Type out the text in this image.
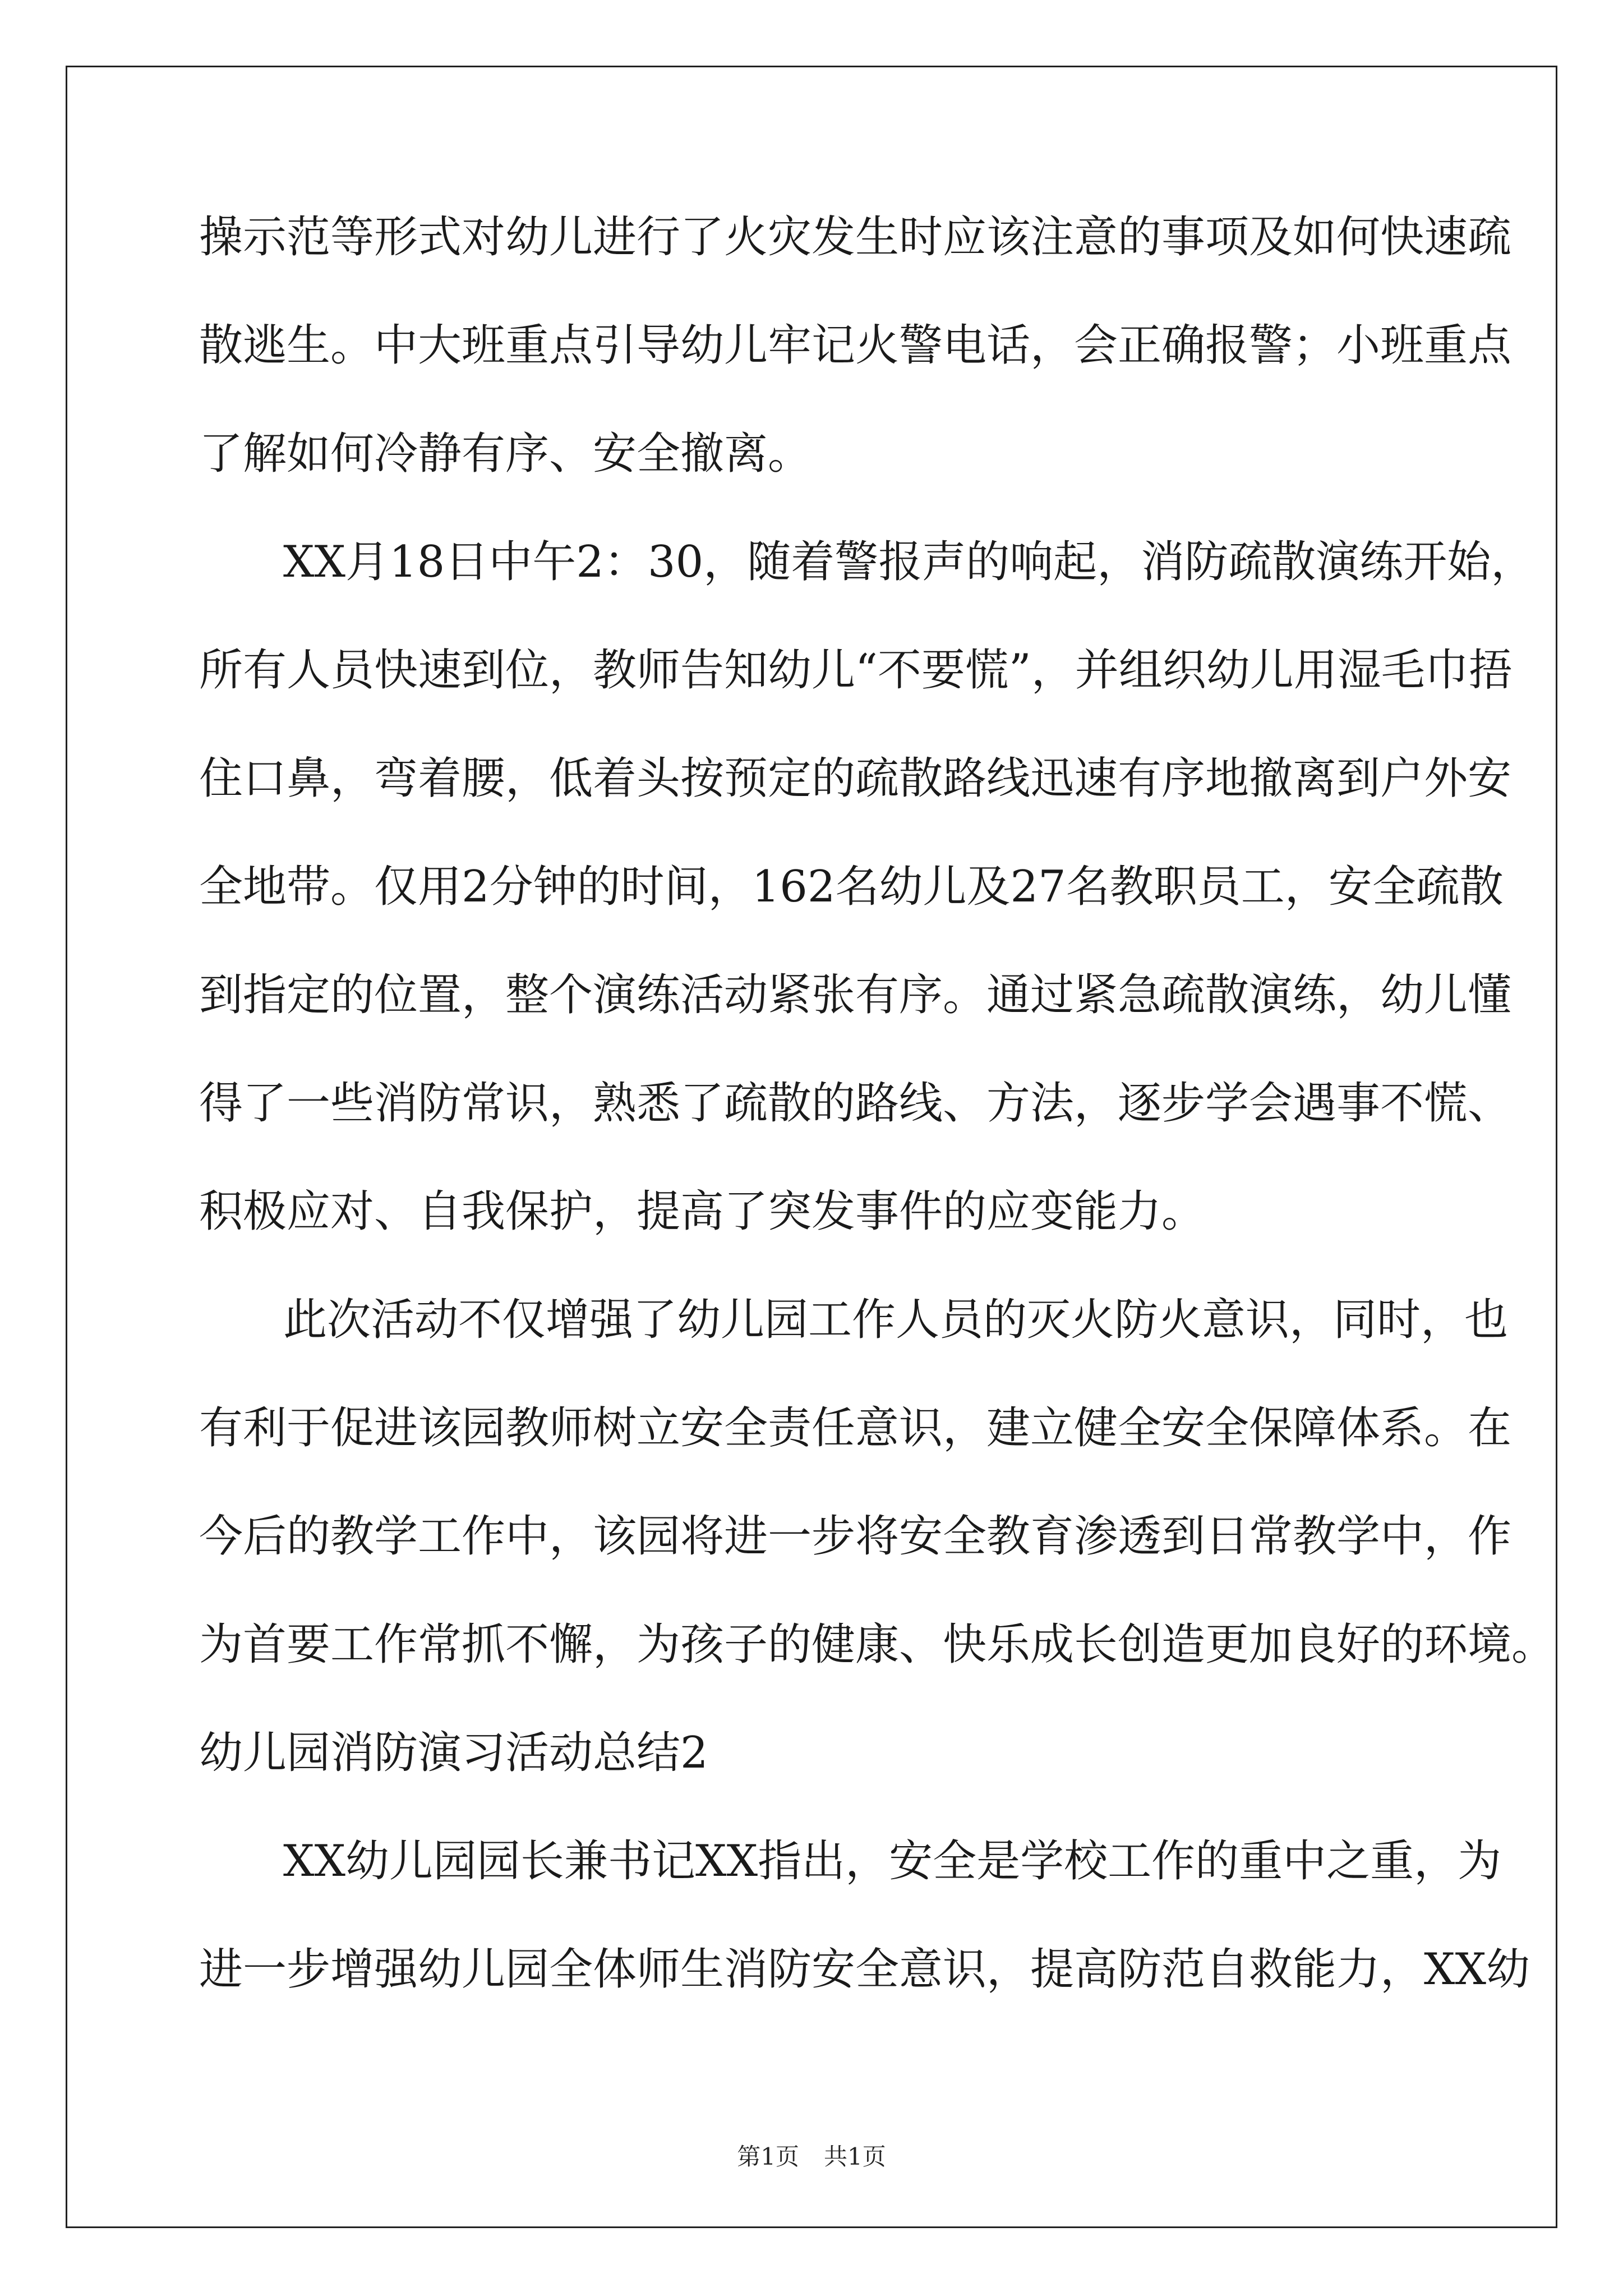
操示范等形式对幼儿进行了火灾发生时应该注意的事项及如何快速疏
散逃生。中大班重点引导幼儿牢记火警电话，会正确报警；小班重点
了解如何冷静有序、安全撤离。
XX月18日中午2：30，随着警报声的响起，消防疏散演练开始，
所有人员快速到位，教师告知幼儿“不要慌”，并组织幼儿用湿毛巾捂
住口鼻，弯着腰，低着头按预定的疏散路线迅速有序地撤离到户外安
全地带。仅用2分钟的时间，162名幼儿及27名教职员工，安全疏散
到指定的位置，整个演练活动紧张有序。通过紧急疏散演练，幼儿懂
得了一些消防常识，熟悉了疏散的路线、方法，逐步学会遇事不慌、
积极应对、自我保护，提高了突发事件的应变能力。
此次活动不仅增强了幼儿园工作人员的灭火防火意识，同时，也
有利于促进该园教师树立安全责任意识，建立健全安全保障体系。在
今后的教学工作中，该园将进一步将安全教育渗透到日常教学中，作
为首要工作常抓不懈，为孩子的健康、快乐成长创造更加良好的环境。
幼儿园消防演习活动总结2
XX幼儿园园长兼书记XX指出，安全是学校工作的重中之重，为
进一步增强幼儿园全体师生消防安全意识，提高防范自救能力，XX幼
第1页 共1页
